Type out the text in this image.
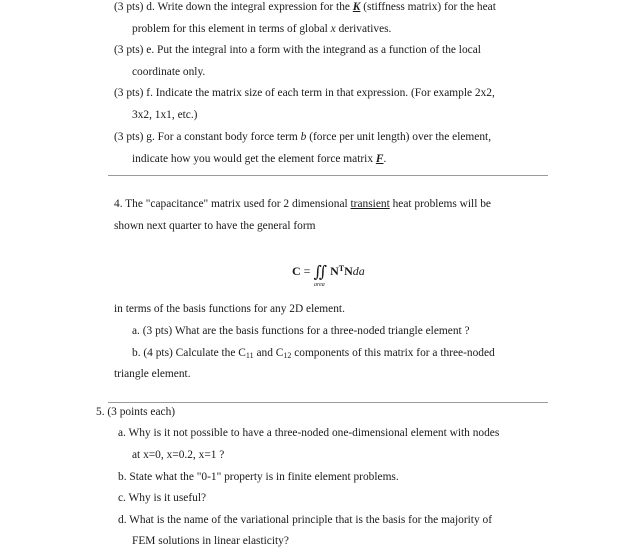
(3 pts) d. Write down the integral expression for the K (stiffness matrix) for the heat
problem for this element in terms of global x derivatives.
(3 pts) e. Put the integral into a form with the integrand as a function of the local
coordinate only.
(3 pts) f. Indicate the matrix size of each term in that expression. (For example 2x2,
3x2, 1x1, etc.)
(3 pts) g. For a constant body force term b (force per unit length) over the element,
indicate how you would get the element force matrix F.
4. The "capacitance" matrix used for 2 dimensional transient heat problems will be
shown next quarter to have the general form
C = ∬ $N^TNda$
area
in terms of the basis functions for any 2D element.
a. (3 pts) What are the basis functions for a three-noded triangle element ?
b. (4 pts) Calculate the $C_{11}$ and $C_{12}$ components of this matrix for a three-noded
triangle element.
5. (3 points each)
a. Why is it not possible to have a three-noded one-dimensional element with nodes
at x=0, x=0.2, x=1 ?
b. State what the "0-1" property is in finite element problems.
c. Why is it useful?
d. What is the name of the variational principle that is the basis for the majority of
FEM solutions in linear elasticity?
